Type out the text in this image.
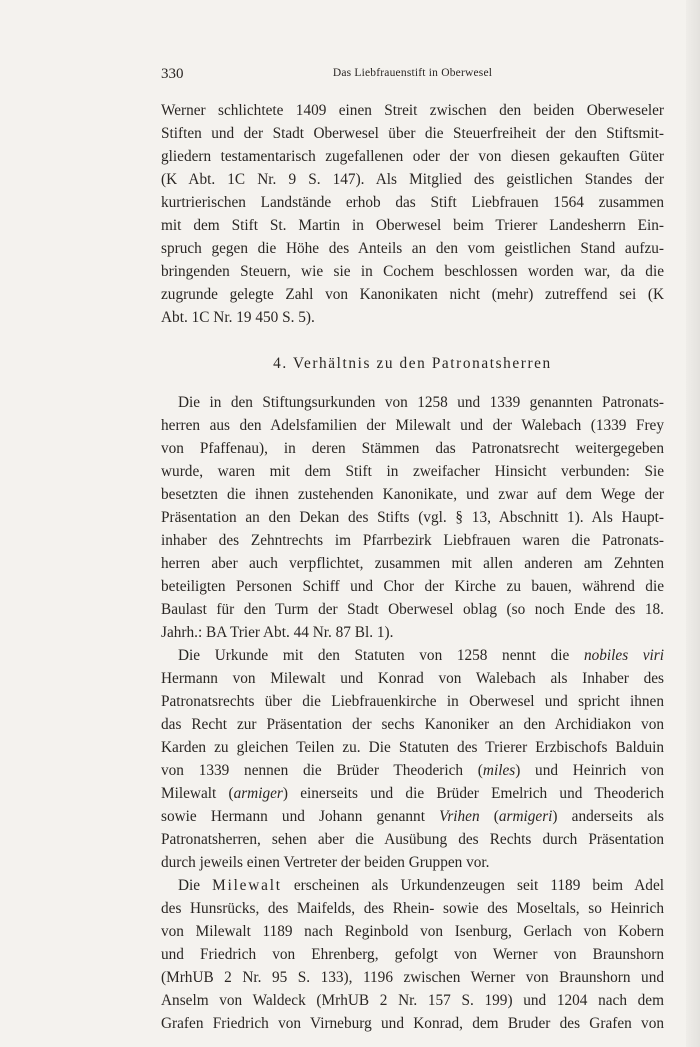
330	Das Liebfrauenstift in Oberwesel
Werner schlichtete 1409 einen Streit zwischen den beiden Oberweseler
Stiften und der Stadt Oberwesel über die Steuerfreiheit der den Stiftsmit-
gliedern testamentarisch zugefallenen oder der von diesen gekauften Güter
(K Abt. 1C Nr. 9 S. 147). Als Mitglied des geistlichen Standes der
kurtrierischen Landstände erhob das Stift Liebfrauen 1564 zusammen
mit dem Stift St. Martin in Oberwesel beim Trierer Landesherrn Ein-
spruch gegen die Höhe des Anteils an den vom geistlichen Stand aufzu-
bringenden Steuern, wie sie in Cochem beschlossen worden war, da die
zugrunde gelegte Zahl von Kanonikaten nicht (mehr) zutreffend sei (K
Abt. 1C Nr. 19 450 S. 5).
4. Verhältnis zu den Patronatsherren
Die in den Stiftungsurkunden von 1258 und 1339 genannten Patronats-
herren aus den Adelsfamilien der Milewalt und der Walebach (1339 Frey
von Pfaffenau), in deren Stämmen das Patronatsrecht weitergegeben
wurde, waren mit dem Stift in zweifacher Hinsicht verbunden: Sie
besetzten die ihnen zustehenden Kanonikate, und zwar auf dem Wege der
Präsentation an den Dekan des Stifts (vgl. § 13, Abschnitt 1). Als Haupt-
inhaber des Zehntrechts im Pfarrbezirk Liebfrauen waren die Patronats-
herren aber auch verpflichtet, zusammen mit allen anderen am Zehnten
beteiligten Personen Schiff und Chor der Kirche zu bauen, während die
Baulast für den Turm der Stadt Oberwesel oblag (so noch Ende des 18.
Jahrh.: BA Trier Abt. 44 Nr. 87 Bl. 1).
Die Urkunde mit den Statuten von 1258 nennt die nobiles viri
Hermann von Milewalt und Konrad von Walebach als Inhaber des
Patronatsrechts über die Liebfrauenkirche in Oberwesel und spricht ihnen
das Recht zur Präsentation der sechs Kanoniker an den Archidiakon von
Karden zu gleichen Teilen zu. Die Statuten des Trierer Erzbischofs Balduin
von 1339 nennen die Brüder Theoderich (miles) und Heinrich von
Milewalt (armiger) einerseits und die Brüder Emelrich und Theoderich
sowie Hermann und Johann genannt Vrihen (armigeri) anderseits als
Patronatsherren, sehen aber die Ausübung des Rechts durch Präsentation
durch jeweils einen Vertreter der beiden Gruppen vor.
Die Milewalt erscheinen als Urkundenzeugen seit 1189 beim Adel
des Hunsrücks, des Maifelds, des Rhein- sowie des Moseltals, so Heinrich
von Milewalt 1189 nach Reginbold von Isenburg, Gerlach von Kobern
und Friedrich von Ehrenberg, gefolgt von Werner von Braunshorn
(MrhUB 2 Nr. 95 S. 133), 1196 zwischen Werner von Braunshorn und
Anselm von Waldeck (MrhUB 2 Nr. 157 S. 199) und 1204 nach dem
Grafen Friedrich von Virneburg und Konrad, dem Bruder des Grafen von
